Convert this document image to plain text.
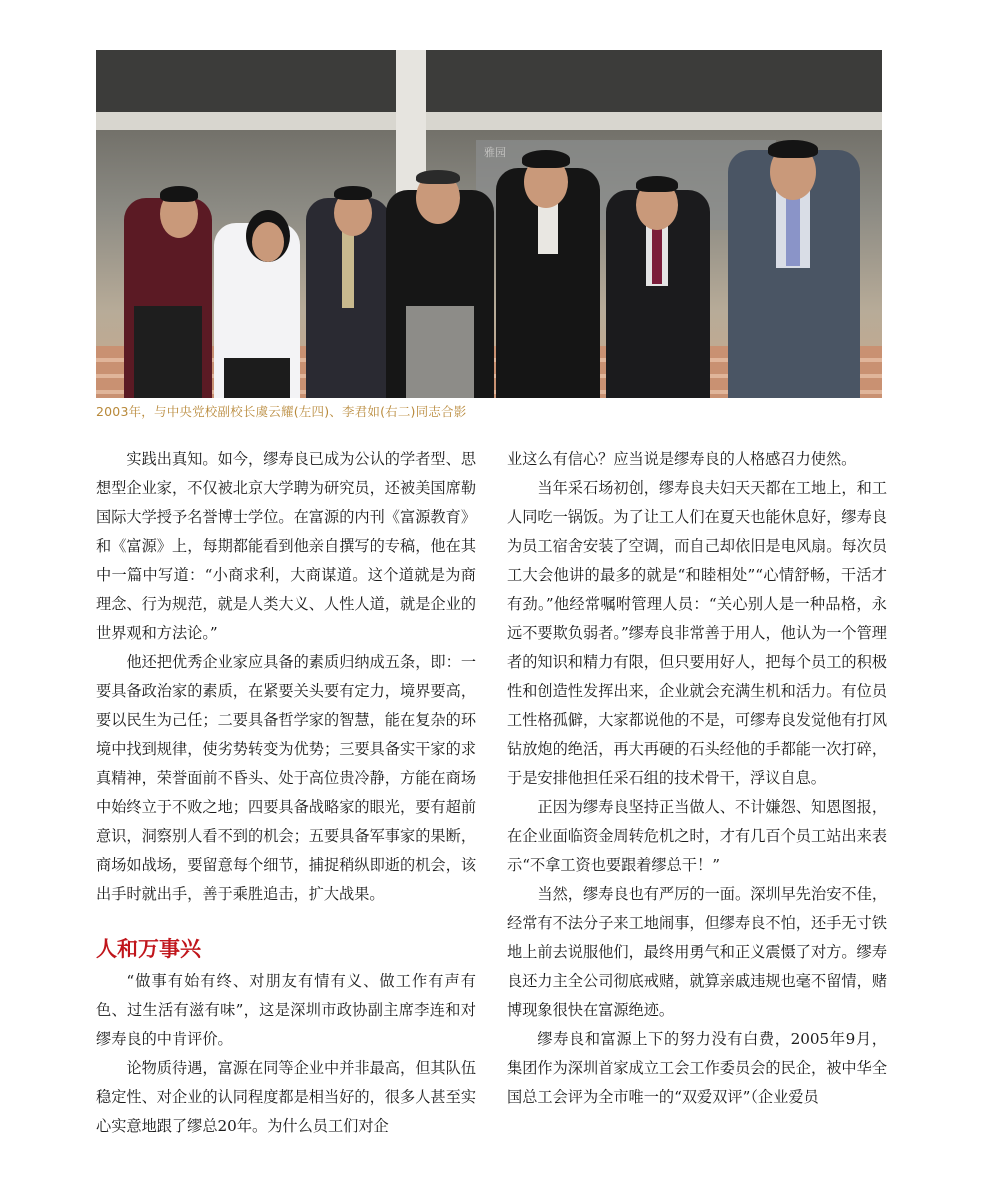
雅园
2003年，与中央党校副校长虞云耀(左四)、李君如(右二)同志合影

实践出真知。如今，缪寿良已成为公认的学者型、思想型企业家，不仅被北京大学聘为研究员，还被美国席勒国际大学授予名誉博士学位。在富源的内刊《富源教育》和《富源》上，每期都能看到他亲自撰写的专稿，他在其中一篇中写道：“小商求利，大商谋道。这个道就是为商理念、行为规范，就是人类大义、人性人道，就是企业的世界观和方法论。”

他还把优秀企业家应具备的素质归纳成五条，即：一要具备政治家的素质，在紧要关头要有定力，境界要高，要以民生为己任；二要具备哲学家的智慧，能在复杂的环境中找到规律，使劣势转变为优势；三要具备实干家的求真精神，荣誉面前不昏头、处于高位贵冷静，方能在商场中始终立于不败之地；四要具备战略家的眼光，要有超前意识，洞察别人看不到的机会；五要具备军事家的果断，商场如战场，要留意每个细节，捕捉稍纵即逝的机会，该出手时就出手，善于乘胜追击，扩大战果。

人和万事兴

“做事有始有终、对朋友有情有义、做工作有声有色、过生活有滋有味”，这是深圳市政协副主席李连和对缪寿良的中肯评价。

论物质待遇，富源在同等企业中并非最高，但其队伍稳定性、对企业的认同程度都是相当好的，很多人甚至实心实意地跟了缪总20年。为什么员工们对企

业这么有信心？应当说是缪寿良的人格感召力使然。

当年采石场初创，缪寿良夫妇天天都在工地上，和工人同吃一锅饭。为了让工人们在夏天也能休息好，缪寿良为员工宿舍安装了空调，而自己却依旧是电风扇。每次员工大会他讲的最多的就是“和睦相处”“心情舒畅，干活才有劲。”他经常嘱咐管理人员：“关心别人是一种品格，永远不要欺负弱者。”缪寿良非常善于用人，他认为一个管理者的知识和精力有限，但只要用好人，把每个员工的积极性和创造性发挥出来，企业就会充满生机和活力。有位员工性格孤僻，大家都说他的不是，可缪寿良发觉他有打风钻放炮的绝活，再大再硬的石头经他的手都能一次打碎，于是安排他担任采石组的技术骨干，浮议自息。

正因为缪寿良坚持正当做人、不计嫌怨、知恩图报，在企业面临资金周转危机之时，才有几百个员工站出来表示“不拿工资也要跟着缪总干！”

当然，缪寿良也有严厉的一面。深圳早先治安不佳，经常有不法分子来工地闹事，但缪寿良不怕，还手无寸铁地上前去说服他们，最终用勇气和正义震慑了对方。缪寿良还力主全公司彻底戒赌，就算亲戚违规也毫不留情，赌博现象很快在富源绝迹。

缪寿良和富源上下的努力没有白费，2005年9月，集团作为深圳首家成立工会工作委员会的民企，被中华全国总工会评为全市唯一的“双爱双评”（企业爱员
